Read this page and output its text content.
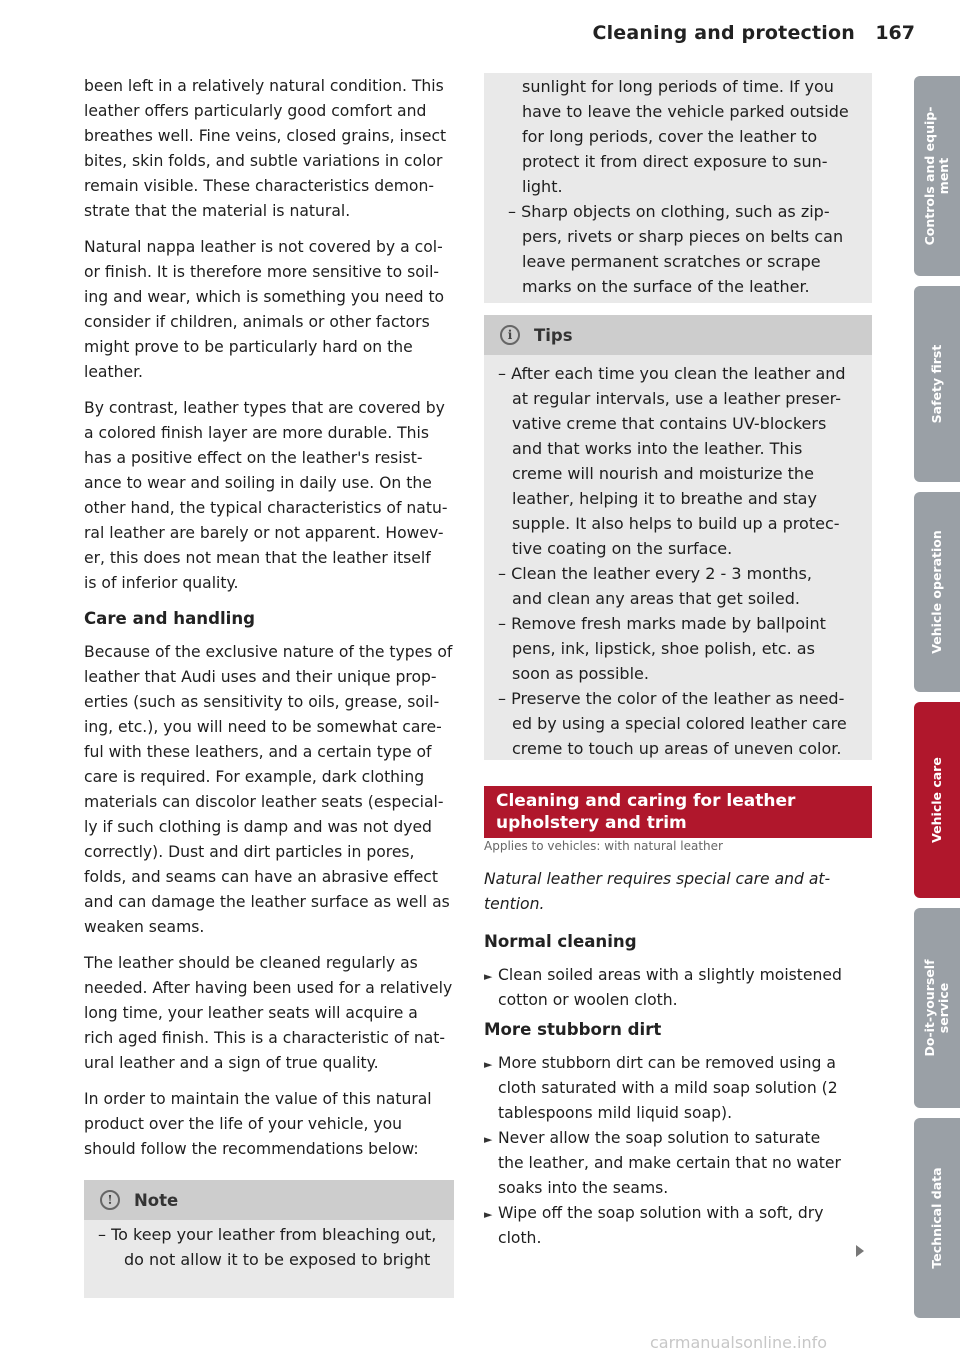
Cleaning and protection 167
been left in a relatively natural condition. This
leather offers particularly good comfort and
breathes well. Fine veins, closed grains, insect
bites, skin folds, and subtle variations in color
remain visible. These characteristics demon-
strate that the material is natural.
Natural nappa leather is not covered by a col-
or finish. It is therefore more sensitive to soil-
ing and wear, which is something you need to
consider if children, animals or other factors
might prove to be particularly hard on the
leather.
By contrast, leather types that are covered by
a colored finish layer are more durable. This
has a positive effect on the leather's resist-
ance to wear and soiling in daily use. On the
other hand, the typical characteristics of natu-
ral leather are barely or not apparent. Howev-
er, this does not mean that the leather itself
is of inferior quality.
Care and handling
Because of the exclusive nature of the types of
leather that Audi uses and their unique prop-
erties (such as sensitivity to oils, grease, soil-
ing, etc.), you will need to be somewhat care-
ful with these leathers, and a certain type of
care is required. For example, dark clothing
materials can discolor leather seats (especial-
ly if such clothing is damp and was not dyed
correctly). Dust and dirt particles in pores,
folds, and seams can have an abrasive effect
and can damage the leather surface as well as
weaken seams.
The leather should be cleaned regularly as
needed. After having been used for a relatively
long time, your leather seats will acquire a
rich aged finish. This is a characteristic of nat-
ural leather and a sign of true quality.
In order to maintain the value of this natural
product over the life of your vehicle, you
should follow the recommendations below:
!	Note
– To keep your leather from bleaching out,
do not allow it to be exposed to bright
sunlight for long periods of time. If you
have to leave the vehicle parked outside
for long periods, cover the leather to
protect it from direct exposure to sun-
light.
– Sharp objects on clothing, such as zip-
pers, rivets or sharp pieces on belts can
leave permanent scratches or scrape
marks on the surface of the leather.
i	Tips
– After each time you clean the leather and
at regular intervals, use a leather preser-
vative creme that contains UV-blockers
and that works into the leather. This
creme will nourish and moisturize the
leather, helping it to breathe and stay
supple. It also helps to build up a protec-
tive coating on the surface.
– Clean the leather every 2 - 3 months,
and clean any areas that get soiled.
– Remove fresh marks made by ballpoint
pens, ink, lipstick, shoe polish, etc. as
soon as possible.
– Preserve the color of the leather as need-
ed by using a special colored leather care
creme to touch up areas of uneven color.
Cleaning and caring for leather
upholstery and trim
Applies to vehicles: with natural leather
Natural leather requires special care and at-
tention.
Normal cleaning
► Clean soiled areas with a slightly moistened
cotton or woolen cloth.
More stubborn dirt
► More stubborn dirt can be removed using a
cloth saturated with a mild soap solution (2
tablespoons mild liquid soap).
► Never allow the soap solution to saturate
the leather, and make certain that no water
soaks into the seams.
► Wipe off the soap solution with a soft, dry
cloth.
Controls and equip- ment
Safety first
Vehicle operation
Vehicle care
Do-it-yourself service
Technical data
carmanualsonline.info
